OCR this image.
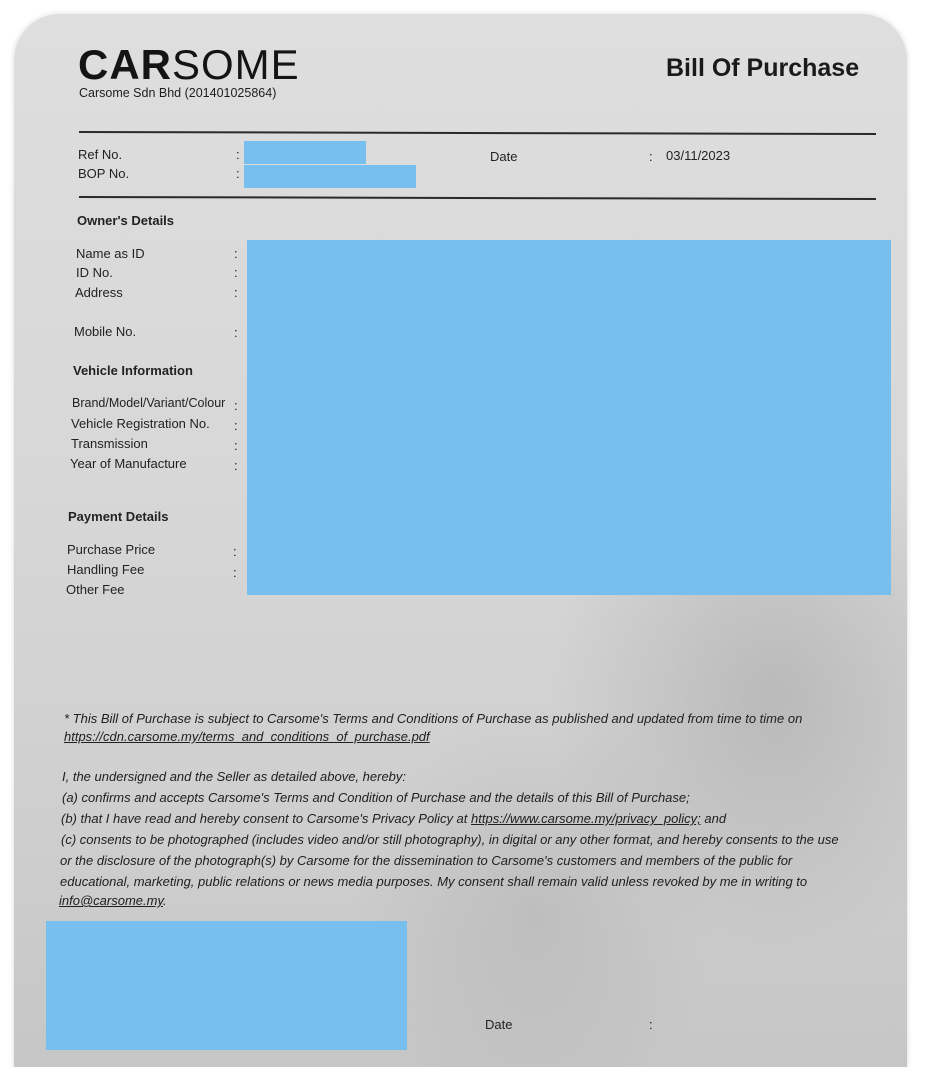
CARSOME
Carsome Sdn Bhd (201401025864)
Bill Of Purchase
Ref No.	:
BOP No.	:
Date	: 03/11/2023
Owner's Details
Name as ID	:
ID No.	:
Address	:
Mobile No.	:
Vehicle Information
Brand/Model/Variant/Colour :
Vehicle Registration No. :
Transmission	:
Year of Manufacture	:
Payment Details
Purchase Price	:
Handling Fee	:
Other Fee
* This Bill of Purchase is subject to Carsome's Terms and Conditions of Purchase as published and updated from time to time on
https://cdn.carsome.my/terms_and_conditions_of_purchase.pdf
I, the undersigned and the Seller as detailed above, hereby:
(a) confirms and accepts Carsome's Terms and Condition of Purchase and the details of this Bill of Purchase;
(b) that I have read and hereby consent to Carsome's Privacy Policy at https://www.carsome.my/privacy_policy; and
(c) consents to be photographed (includes video and/or still photography), in digital or any other format, and hereby consents to the use
or the disclosure of the photograph(s) by Carsome for the dissemination to Carsome's customers and members of the public for
educational, marketing, public relations or news media purposes. My consent shall remain valid unless revoked by me in writing to
info@carsome.my.
Date	:
